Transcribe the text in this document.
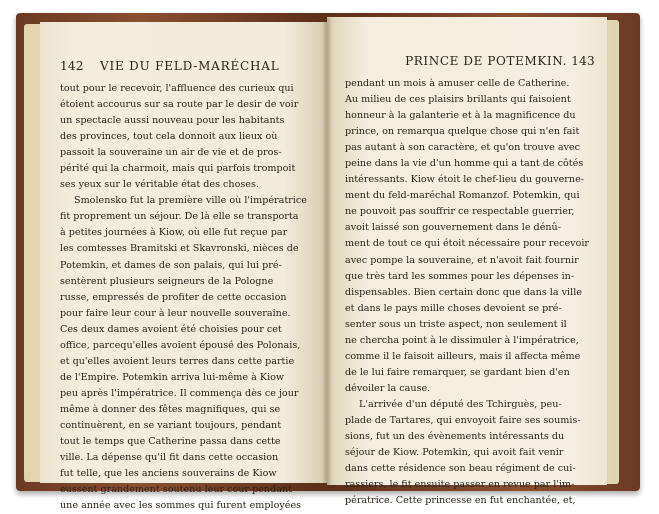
142 VIE DU FELD-MARÉCHAL
tout pour le recevoir, l'affluence des curieux qui
étoient accourus sur sa route par le desir de voir
un spectacle aussi nouveau pour les habitants
des provinces, tout cela donnoit aux lieux où
passoit la souveraine un air de vie et de pros-
périté qui la charmoit, mais qui parfois trompoit
ses yeux sur le véritable état des choses.
Smolensko fut la première ville où l'impératrice
fit proprement un séjour. De là elle se transporta
à petites journées à Kiow, où elle fut reçue par
les comtesses Bramitski et Skavronski, nièces de
Potemkin, et dames de son palais, qui lui pré-
sentèrent plusieurs seigneurs de la Pologne
russe, empressés de profiter de cette occasion
pour faire leur cour à leur nouvelle souveraine.
Ces deux dames avoient été choisies pour cet
office, parcequ'elles avoient épousé des Polonais,
et qu'elles avoient leurs terres dans cette partie
de l'Empire. Potemkin arriva lui-même à Kiow
peu après l'impératrice. Il commença dès ce jour
même à donner des fêtes magnifiques, qui se
continuèrent, en se variant toujours, pendant
tout le temps que Catherine passa dans cette
ville. La dépense qu'il fit dans cette occasion
fut telle, que les anciens souverains de Kiow
eussent grandement soutenu leur cour pendant
une année avec les sommes qui furent employées
PRINCE DE POTEMKIN. 143
pendant un mois à amuser celle de Catherine.
Au milieu de ces plaisirs brillants qui faisoient
honneur à la galanterie et à la magnificence du
prince, on remarqua quelque chose qui n'en fait
pas autant à son caractère, et qu'on trouve avec
peine dans la vie d'un homme qui a tant de côtés
intéressants. Kiow étoit le chef-lieu du gouverne-
ment du feld-maréchal Romanzof. Potemkin, qui
ne pouvoit pas souffrir ce respectable guerrier,
avoit laissé son gouvernement dans le dénû-
ment de tout ce qui étoit nécessaire pour recevoir
avec pompe la souveraine, et n'avoit fait fournir
que très tard les sommes pour les dépenses in-
dispensables. Bien certain donc que dans la ville
et dans le pays mille choses devoient se pré-
senter sous un triste aspect, non seulement il
ne chercha point à le dissimuler à l'impératrice,
comme il le faisoit ailleurs, mais il affecta même
de le lui faire remarquer, se gardant bien d'en
dévoiler la cause.
L'arrivée d'un député des Tchirguès, peu-
plade de Tartares, qui envoyoit faire ses soumis-
sions, fut un des évènements intéressants du
séjour de Kiow. Potemkin, qui avoit fait venir
dans cette résidence son beau régiment de cui-
rassiers, le fit ensuite passer en revue par l'im-
pératrice. Cette princesse en fut enchantée, et,
